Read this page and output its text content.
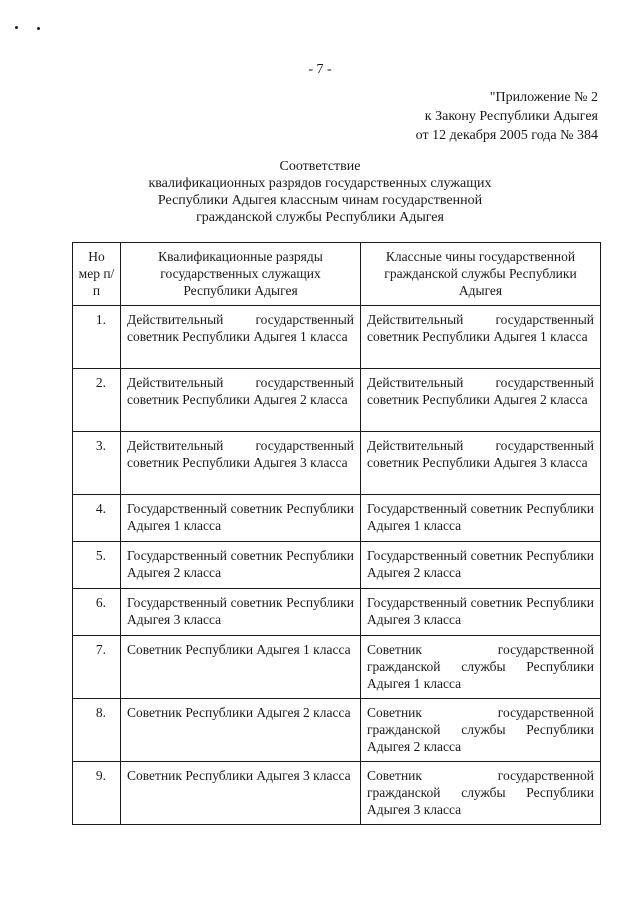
- 7 -
"Приложение № 2
к Закону Республики Адыгея
от 12 декабря 2005 года № 384
Соответствие
квалификационных разрядов государственных служащих
Республики Адыгея классным чинам государственной
гражданской службы Республики Адыгея
Но мер п/п	Квалификационные разряды государственных служащих Республики Адыгея	Классные чины государственной гражданской службы Республики Адыгея
1.	Действительный государственный советник Республики Адыгея 1 класса	Действительный государственный советник Республики Адыгея 1 класса
2.	Действительный государственный советник Республики Адыгея 2 класса	Действительный государственный советник Республики Адыгея 2 класса
3.	Действительный государственный советник Республики Адыгея 3 класса	Действительный государственный советник Республики Адыгея 3 класса
4.	Государственный советник Республики Адыгея 1 класса	Государственный советник Республики Адыгея 1 класса
5.	Государственный советник Республики Адыгея 2 класса	Государственный советник Республики Адыгея 2 класса
6.	Государственный советник Республики Адыгея 3 класса	Государственный советник Республики Адыгея 3 класса
7.	Советник Республики Адыгея 1 класса	Советник государственной гражданской службы Республики Адыгея 1 класса
8.	Советник Республики Адыгея 2 класса	Советник государственной гражданской службы Республики Адыгея 2 класса
9.	Советник Республики Адыгея 3 класса	Советник государственной гражданской службы Республики Адыгея 3 класса
